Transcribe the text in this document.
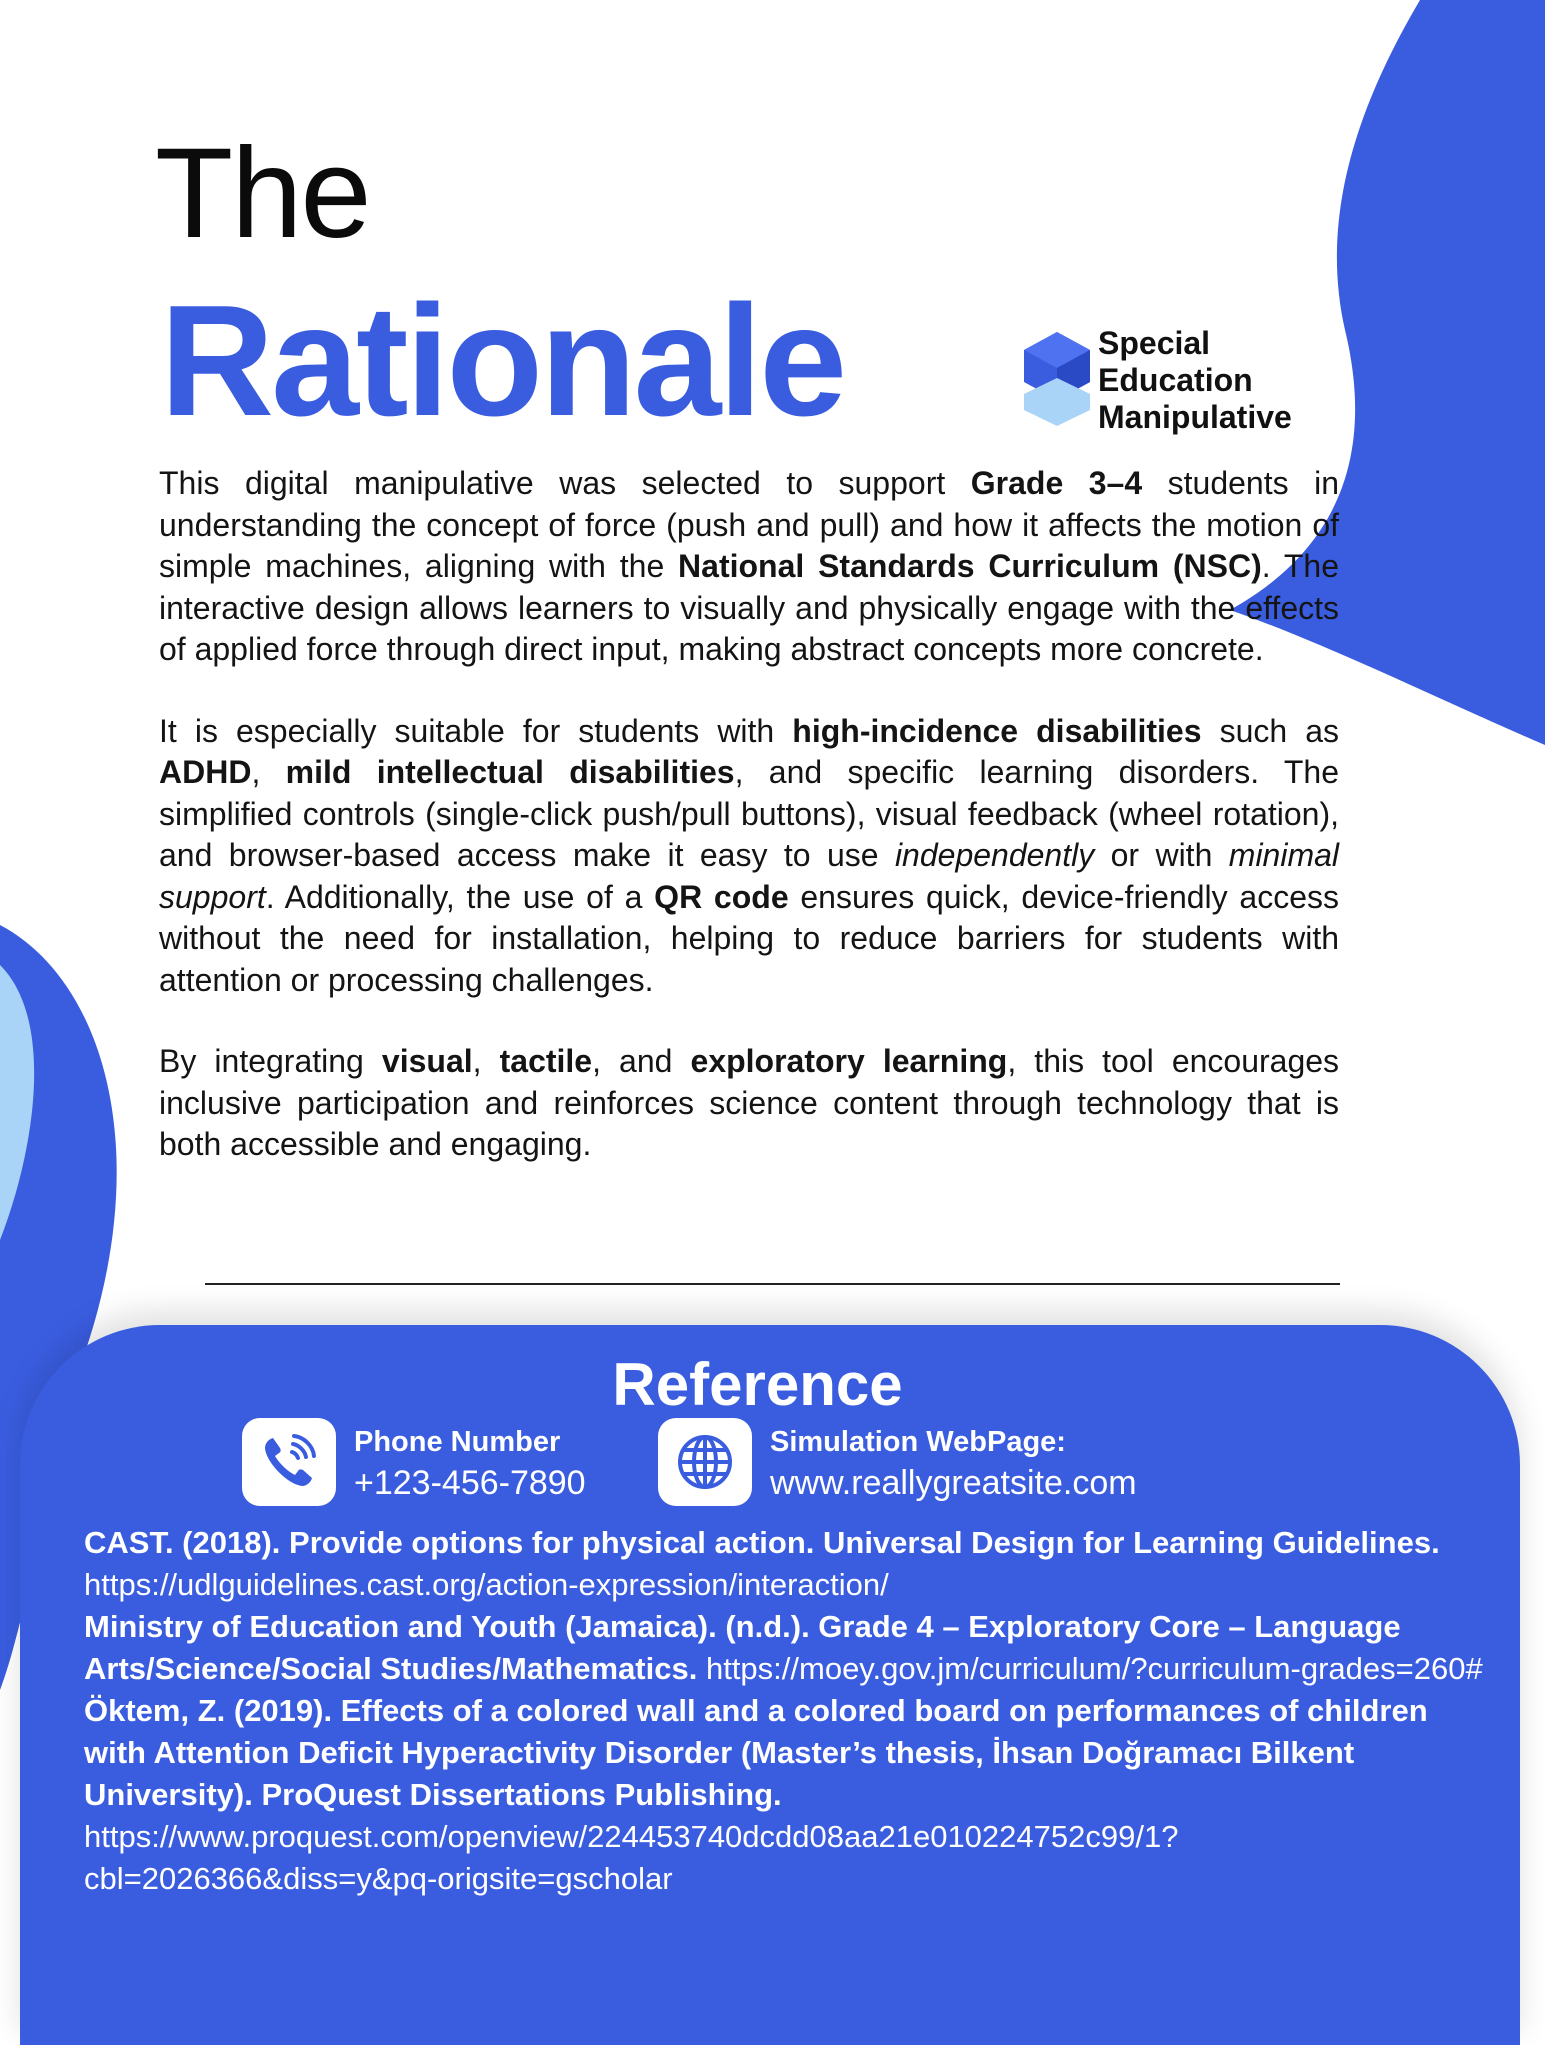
The
Rationale	Special
Education
Manipulative

This digital manipulative was selected to support Grade 3–4 students in understanding the concept of force (push and pull) and how it affects the motion of simple machines, aligning with the National Standards Curriculum (NSC). The interactive design allows learners to visually and physically engage with the effects of applied force through direct input, making abstract concepts more concrete.

It is especially suitable for students with high-incidence disabilities such as ADHD, mild intellectual disabilities, and specific learning disorders. The simplified controls (single-click push/pull buttons), visual feedback (wheel rotation), and browser-based access make it easy to use independently or with minimal support. Additionally, the use of a QR code ensures quick, device-friendly access without the need for installation, helping to reduce barriers for students with attention or processing challenges.

By integrating visual, tactile, and exploratory learning, this tool encourages inclusive participation and reinforces science content through technology that is both accessible and engaging.

Reference
Phone Number
+123-456-7890
Simulation WebPage:
www.reallygreatsite.com

CAST. (2018). Provide options for physical action. Universal Design for Learning Guidelines.
https://udlguidelines.cast.org/action-expression/interaction/

Ministry of Education and Youth (Jamaica). (n.d.). Grade 4 – Exploratory Core – Language Arts/Science/Social Studies/Mathematics. https://moey.gov.jm/curriculum/?curriculum-grades=260#

Öktem, Z. (2019). Effects of a colored wall and a colored board on performances of children with Attention Deficit Hyperactivity Disorder (Master’s thesis, İhsan Doğramacı Bilkent University). ProQuest Dissertations Publishing.
https://www.proquest.com/openview/224453740dcdd08aa21e010224752c99/1?cbl=2026366&diss=y&pq-origsite=gscholar
